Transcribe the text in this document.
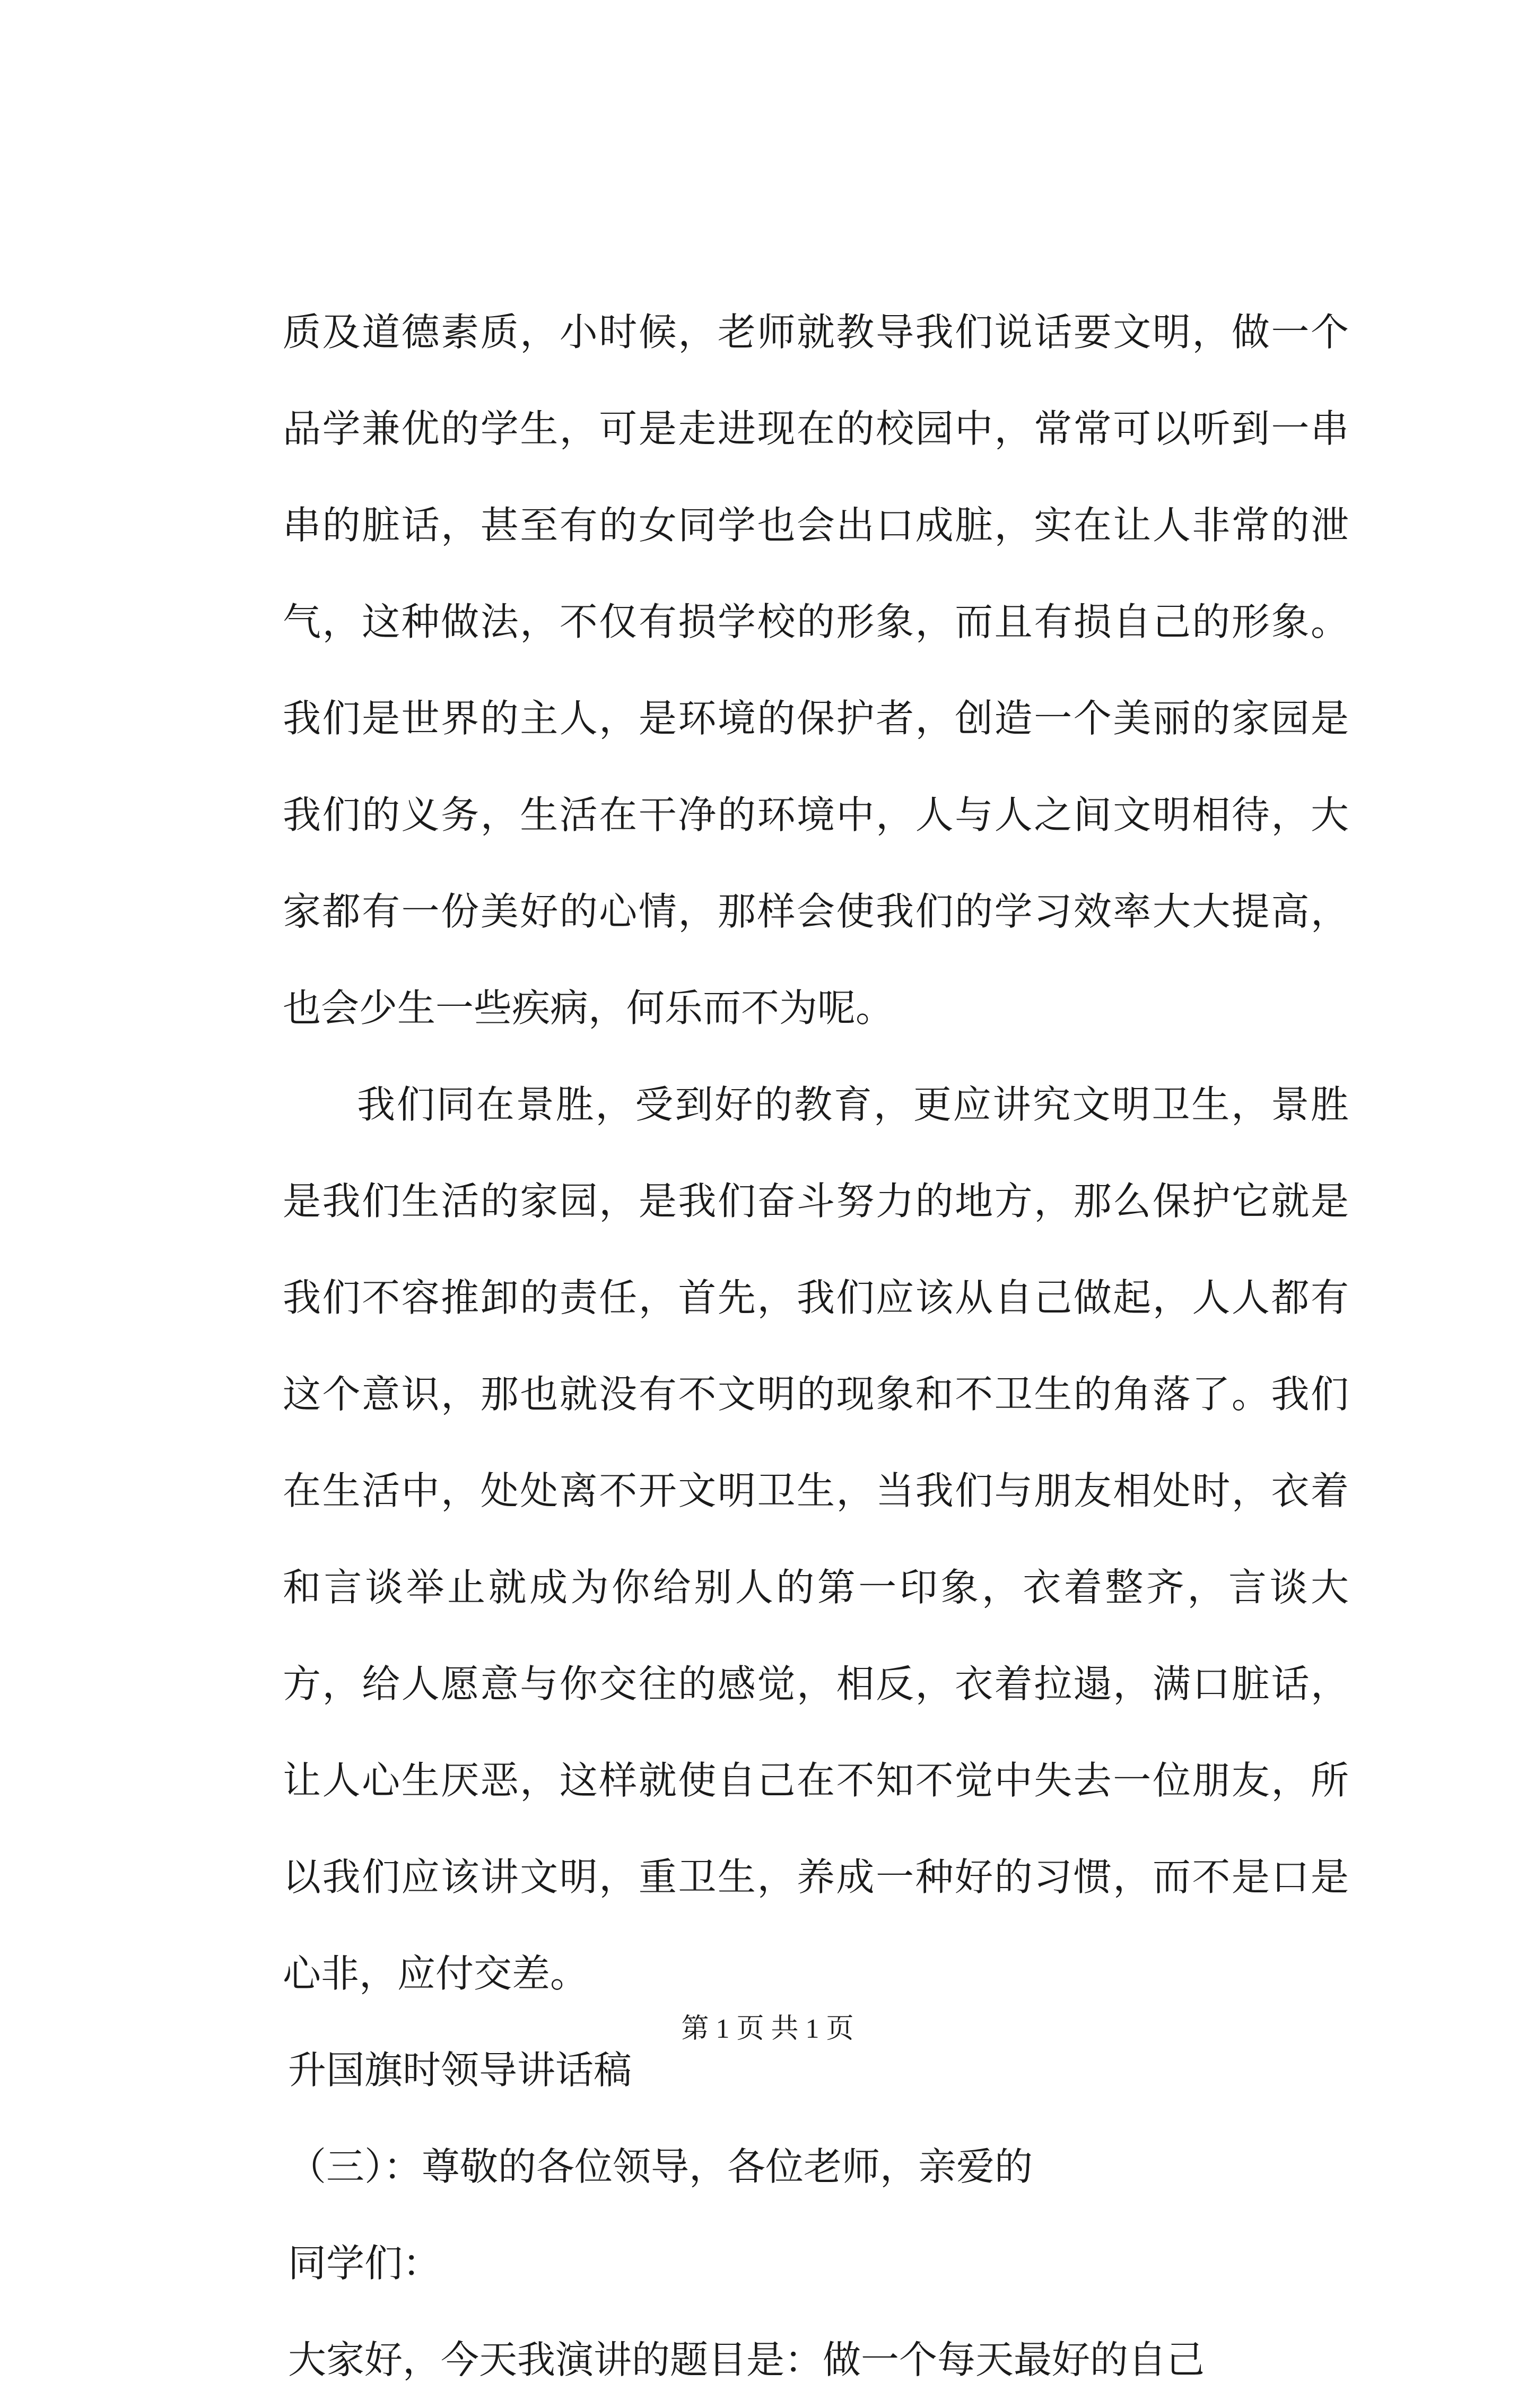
质及道德素质，小时候，老师就教导我们说话要文明，做一个品学兼优的学生，可是走进现在的校园中，常常可以听到一串串的脏话，甚至有的女同学也会出口成脏，实在让人非常的泄气，这种做法，不仅有损学校的形象，而且有损自己的形象。我们是世界的主人，是环境的保护者，创造一个美丽的家园是我们的义务，生活在干净的环境中，人与人之间文明相待，大家都有一份美好的心情，那样会使我们的学习效率大大提高，也会少生一些疾病，何乐而不为呢。

我们同在景胜，受到好的教育，更应讲究文明卫生，景胜是我们生活的家园，是我们奋斗努力的地方，那么保护它就是我们不容推卸的责任，首先，我们应该从自己做起，人人都有这个意识，那也就没有不文明的现象和不卫生的角落了。我们在生活中，处处离不开文明卫生，当我们与朋友相处时，衣着和言谈举止就成为你给别人的第一印象，衣着整齐，言谈大方，给人愿意与你交往的感觉，相反，衣着拉遢，满口脏话，让人心生厌恶，这样就使自己在不知不觉中失去一位朋友，所以我们应该讲文明，重卫生，养成一种好的习惯，而不是口是心非，应付交差。

升国旗时领导讲话稿

（三）：尊敬的各位领导，各位老师，亲爱的

同学们：

大家好，今天我演讲的题目是：做一个每天最好的自己

第 1 页 共 1 页
